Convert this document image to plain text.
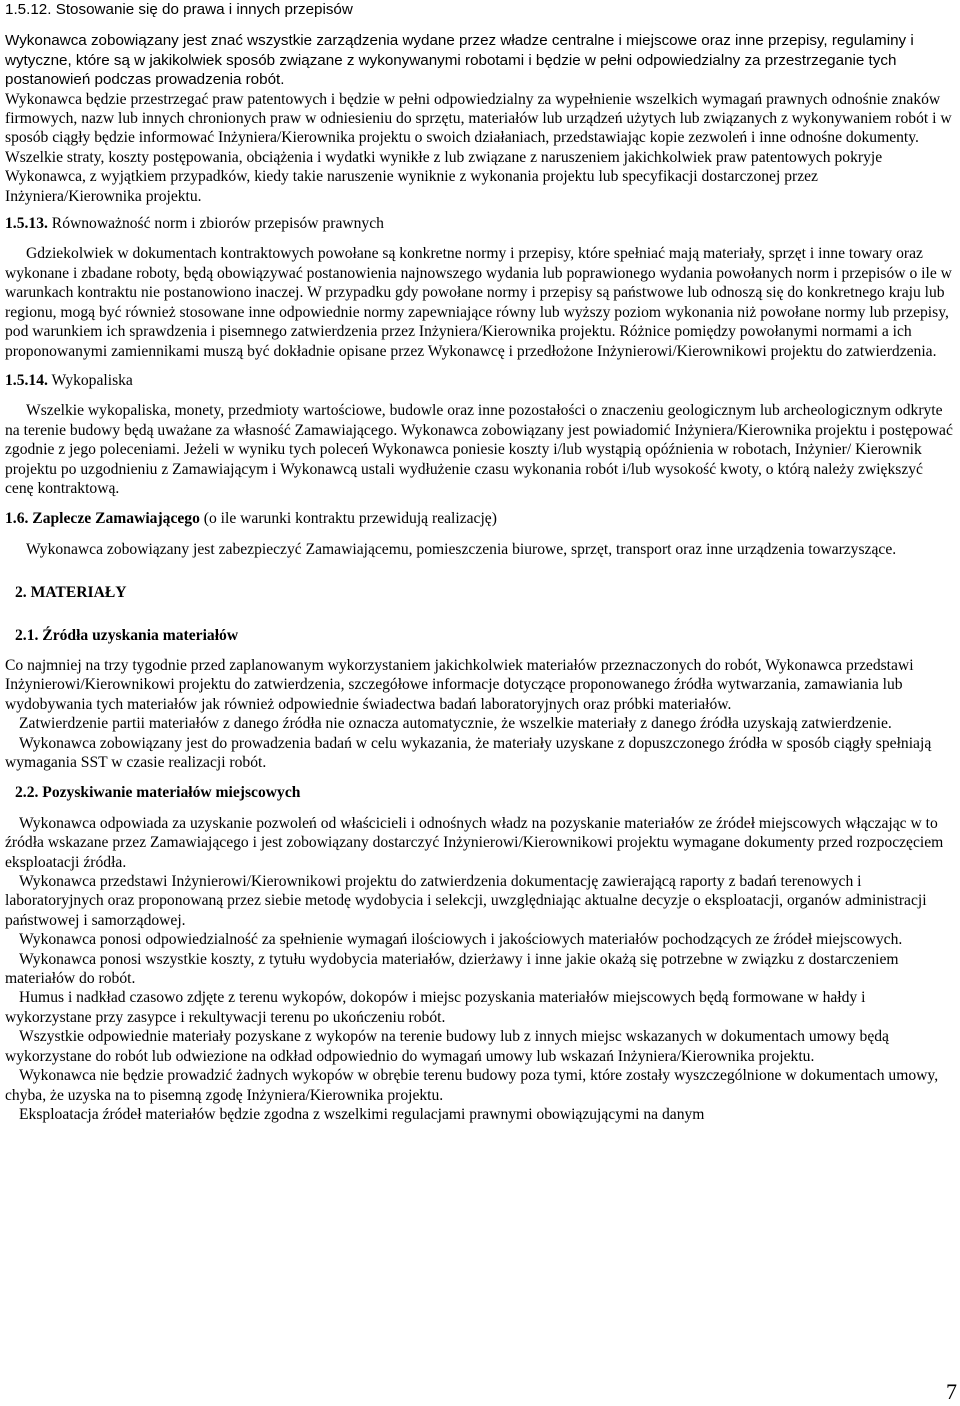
1.5.12. Stosowanie się do prawa i innych przepisów

Wykonawca zobowiązany jest znać wszystkie zarządzenia wydane przez władze centralne i miejscowe oraz inne przepisy, regulaminy i wytyczne, które są w jakikolwiek sposób związane z wykonywanymi robotami i będzie w pełni odpowiedzialny za przestrzeganie tych postanowień podczas prowadzenia robót.

Wykonawca będzie przestrzegać praw patentowych i będzie w pełni odpowiedzialny za wypełnienie wszelkich wymagań prawnych odnośnie znaków firmowych, nazw lub innych chronionych praw w odniesieniu do sprzętu, materiałów lub urządzeń użytych lub związanych z wykonywaniem robót i w sposób ciągły będzie informować Inżyniera/Kierownika projektu o swoich działaniach, przedstawiając kopie zezwoleń i inne odnośne dokumenty.

Wszelkie straty, koszty postępowania, obciążenia i wydatki wynikłe z lub związane z naruszeniem jakichkolwiek praw patentowych pokryje Wykonawca, z wyjątkiem przypadków, kiedy takie naruszenie wyniknie z wykonania projektu lub specyfikacji dostarczonej przez Inżyniera/Kierownika projektu.

1.5.13. Równoważność norm i zbiorów przepisów prawnych

Gdziekolwiek w dokumentach kontraktowych powołane są konkretne normy i przepisy, które spełniać mają materiały, sprzęt i inne towary oraz wykonane i zbadane roboty, będą obowiązywać postanowienia najnowszego wydania lub poprawionego wydania powołanych norm i przepisów o ile w warunkach kontraktu nie postanowiono inaczej. W przypadku gdy powołane normy i przepisy są państwowe lub odnoszą się do konkretnego kraju lub regionu, mogą być również stosowane inne odpowiednie normy zapewniające równy lub wyższy poziom wykonania niż powołane normy lub przepisy, pod warunkiem ich sprawdzenia i pisemnego zatwierdzenia przez Inżyniera/Kierownika projektu. Różnice pomiędzy powołanymi normami a ich proponowanymi zamiennikami muszą być dokładnie opisane przez Wykonawcę i przedłożone Inżynierowi/Kierownikowi projektu do zatwierdzenia.

1.5.14. Wykopaliska

Wszelkie wykopaliska, monety, przedmioty wartościowe, budowle oraz inne pozostałości o znaczeniu geologicznym lub archeologicznym odkryte na terenie budowy będą uważane za własność Zamawiającego. Wykonawca zobowiązany jest powiadomić Inżyniera/Kierownika projektu i postępować zgodnie z jego poleceniami. Jeżeli w wyniku tych poleceń Wykonawca poniesie koszty i/lub wystąpią opóźnienia w robotach, Inżynier/ Kierownik projektu po uzgodnieniu z Zamawiającym i Wykonawcą ustali wydłużenie czasu wykonania robót i/lub wysokość kwoty, o którą należy zwiększyć cenę kontraktową.

1.6. Zaplecze Zamawiającego (o ile warunki kontraktu przewidują realizację)

Wykonawca zobowiązany jest zabezpieczyć Zamawiającemu, pomieszczenia biurowe, sprzęt, transport oraz inne urządzenia towarzyszące.

2. MATERIAŁY

2.1. Źródła uzyskania materiałów

Co najmniej na trzy tygodnie przed zaplanowanym wykorzystaniem jakichkolwiek materiałów przeznaczonych do robót, Wykonawca przedstawi Inżynierowi/Kierownikowi projektu do zatwierdzenia, szczegółowe informacje dotyczące proponowanego źródła wytwarzania, zamawiania lub wydobywania tych materiałów jak również odpowiednie świadectwa badań laboratoryjnych oraz próbki materiałów.

Zatwierdzenie partii materiałów z danego źródła nie oznacza automatycznie, że wszelkie materiały z danego źródła uzyskają zatwierdzenie.

Wykonawca zobowiązany jest do prowadzenia badań w celu wykazania, że materiały uzyskane z dopuszczonego źródła w sposób ciągły spełniają wymagania SST w czasie realizacji robót.

2.2. Pozyskiwanie materiałów miejscowych

Wykonawca odpowiada za uzyskanie pozwoleń od właścicieli i odnośnych władz na pozyskanie materiałów ze źródeł miejscowych włączając w to źródła wskazane przez Zamawiającego i jest zobowiązany dostarczyć Inżynierowi/Kierownikowi projektu wymagane dokumenty przed rozpoczęciem eksploatacji źródła.

Wykonawca przedstawi Inżynierowi/Kierownikowi projektu do zatwierdzenia dokumentację zawierającą raporty z badań terenowych i laboratoryjnych oraz proponowaną przez siebie metodę wydobycia i selekcji, uwzględniając aktualne decyzje o eksploatacji, organów administracji państwowej i samorządowej.

Wykonawca ponosi odpowiedzialność za spełnienie wymagań ilościowych i jakościowych materiałów pochodzących ze źródeł miejscowych.

Wykonawca ponosi wszystkie koszty, z tytułu wydobycia materiałów, dzierżawy i inne jakie okażą się potrzebne w związku z dostarczeniem materiałów do robót.

Humus i nadkład czasowo zdjęte z terenu wykopów, dokopów i miejsc pozyskania materiałów miejscowych będą formowane w hałdy i wykorzystane przy zasypce i rekultywacji terenu po ukończeniu robót.

Wszystkie odpowiednie materiały pozyskane z wykopów na terenie budowy lub z innych miejsc wskazanych w dokumentach umowy będą wykorzystane do robót lub odwiezione na odkład odpowiednio do wymagań umowy lub wskazań Inżyniera/Kierownika projektu.

Wykonawca nie będzie prowadzić żadnych wykopów w obrębie terenu budowy poza tymi, które zostały wyszczególnione w dokumentach umowy, chyba, że uzyska na to pisemną zgodę Inżyniera/Kierownika projektu.

Eksploatacja źródeł materiałów będzie zgodna z wszelkimi regulacjami prawnymi obowiązującymi na danym

7
